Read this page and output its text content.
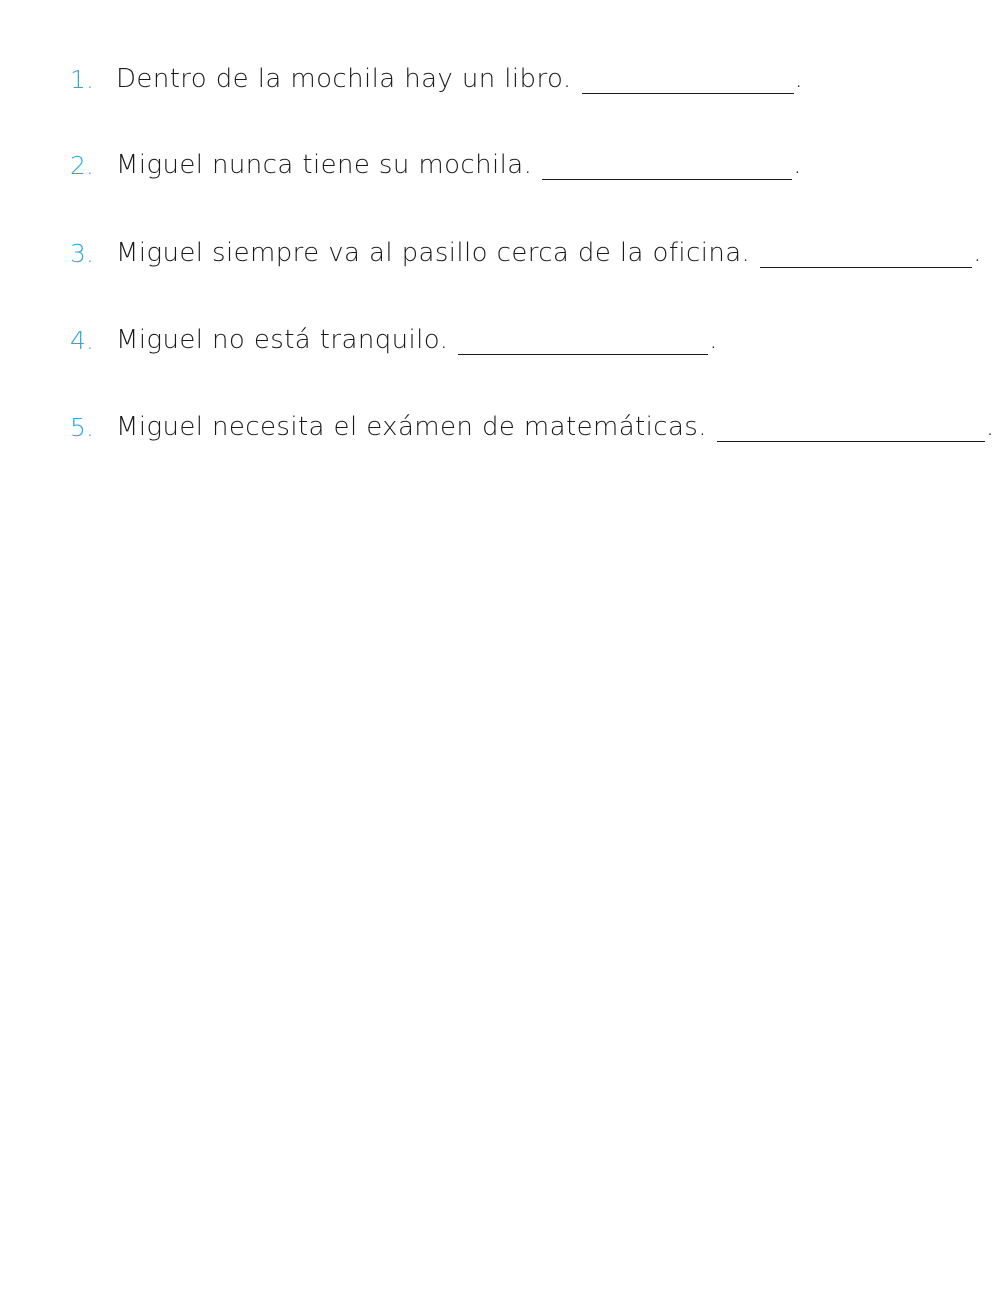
1. Dentro de la mochila hay un libro.	.
2. Miguel nunca tiene su mochila.	.
3. Miguel siempre va al pasillo cerca de la oficina.	.
4. Miguel no está tranquilo.	.
5. Miguel necesita el exámen de matemáticas.	.
